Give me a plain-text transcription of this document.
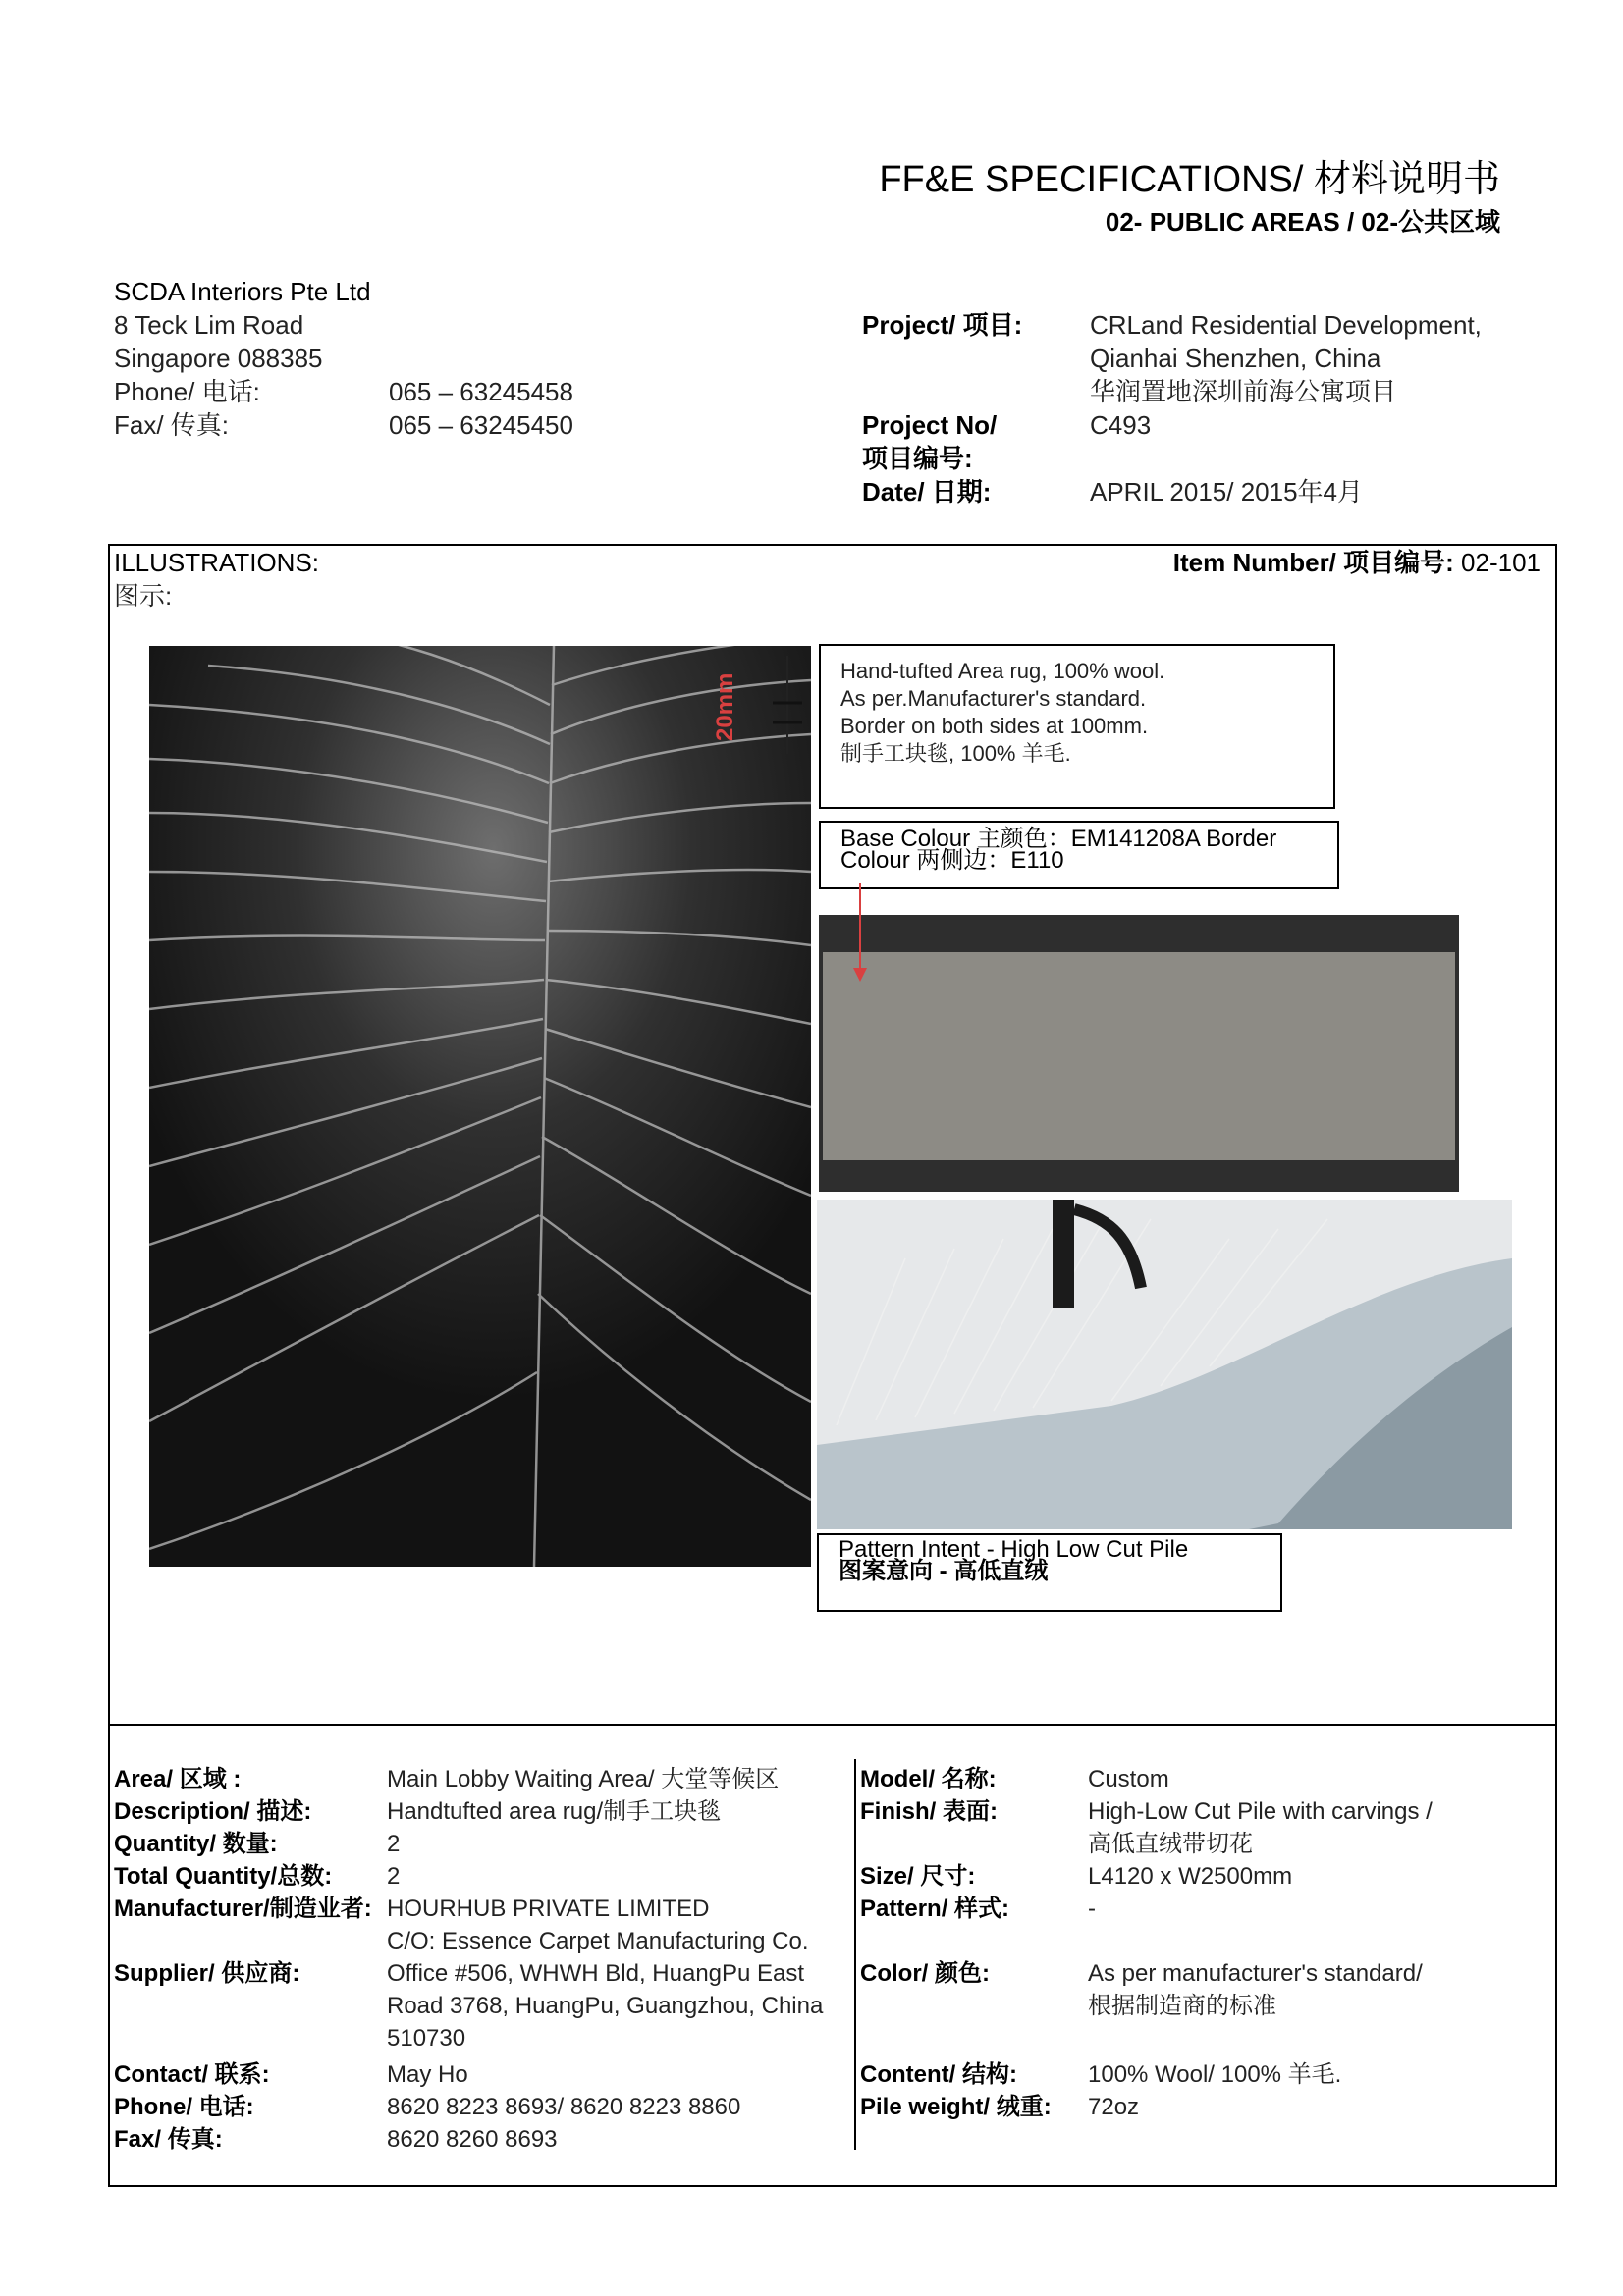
FF&E SPECIFICATIONS/ 材料说明书
02- PUBLIC AREAS / 02-公共区域
SCDA Interiors Pte Ltd
8 Teck Lim Road
Singapore 088385
Phone/ 电话:	065 – 63245458
Fax/ 传真:	065 – 63245450
Project/ 项目:	CRLand Residential Development,
Qianhai Shenzhen, China
华润置地深圳前海公寓项目
Project No/	C493
项目编号:
Date/ 日期:	APRIL 2015/ 2015年4月
ILLUSTRATIONS:
图示:
Item Number/ 项目编号: 02-101
20mm
Hand-tufted Area rug, 100% wool.
As per.Manufacturer's standard.
Border on both sides at 100mm.
制手工块毯, 100% 羊毛.
Base Colour 主颜色：EM141208A Border
Colour 两侧边：E110
Pattern Intent - High Low Cut Pile
图案意向 - 高低直绒
Area/ 区域 :	Main Lobby Waiting Area/ 大堂等候区
Description/ 描述:	Handtufted area rug/制手工块毯
Quantity/ 数量:	2
Total Quantity/总数:	2
Manufacturer/制造业者: HOURHUB PRIVATE LIMITED
C/O: Essence Carpet Manufacturing Co.
Supplier/ 供应商:	Office #506, WHWH Bld, HuangPu East
Road 3768, HuangPu, Guangzhou, China
510730
Contact/ 联系:	May Ho
Phone/ 电话:	8620 8223 8693/ 8620 8223 8860
Fax/ 传真:	8620 8260 8693
Model/ 名称:	Custom
Finish/ 表面:	High-Low Cut Pile with carvings /
高低直绒带切花
Size/ 尺寸:	L4120 x W2500mm
Pattern/ 样式:	-
Color/ 颜色:	As per manufacturer's standard/
根据制造商的标准
Content/ 结构:	100% Wool/ 100% 羊毛.
Pile weight/ 绒重:	72oz
